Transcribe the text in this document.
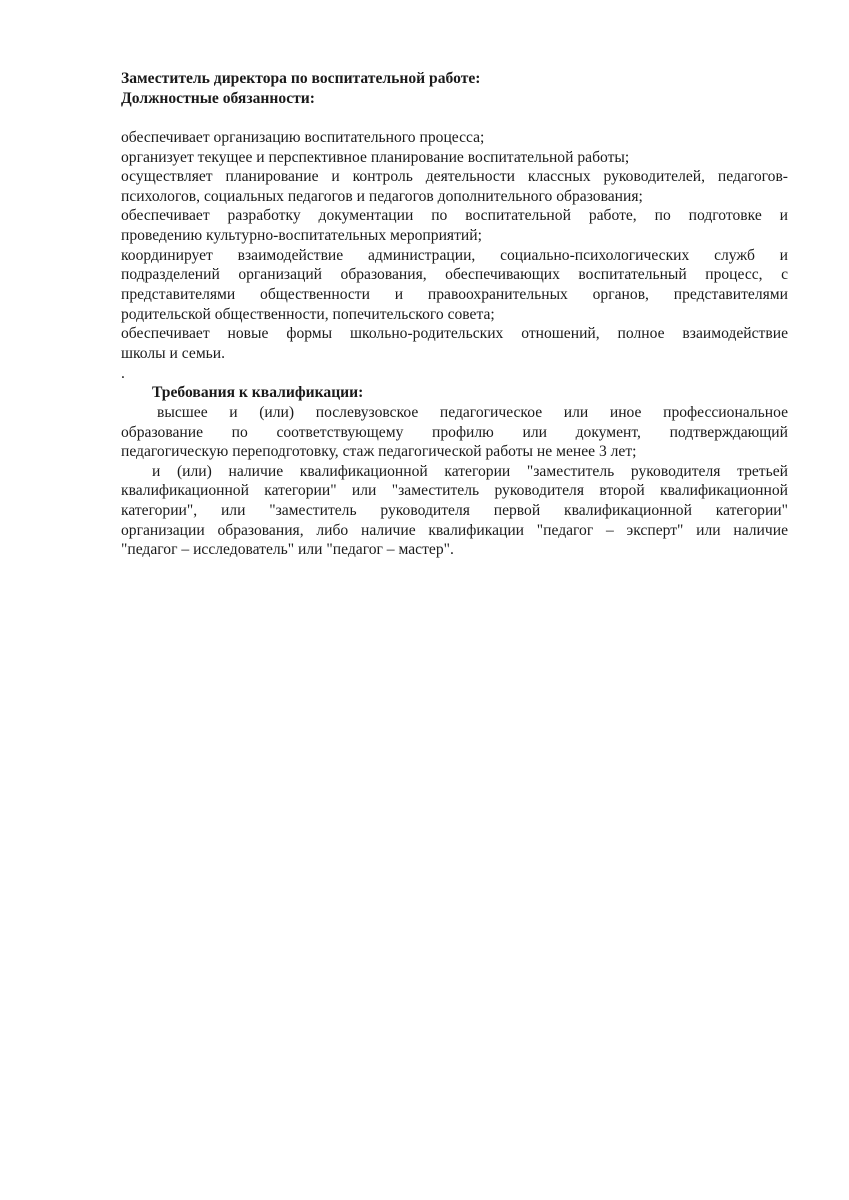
Заместитель директора по воспитательной работе:
Должностные обязанности:
обеспечивает организацию воспитательного процесса;
организует текущее и перспективное планирование воспитательной работы;
осуществляет планирование и контроль деятельности классных руководителей, педагогов-
психологов, социальных педагогов и педагогов дополнительного образования;
обеспечивает разработку документации по воспитательной работе, по подготовке и
проведению культурно-воспитательных мероприятий;
координирует взаимодействие администрации, социально-психологических служб и
подразделений организаций образования, обеспечивающих воспитательный процесс, с
представителями общественности и правоохранительных органов, представителями
родительской общественности, попечительского совета;
обеспечивает новые формы школьно-родительских отношений, полное взаимодействие
школы и семьи.
.
Требования к квалификации:
высшее и (или) послевузовское педагогическое или иное профессиональное
образование по соответствующему профилю или документ, подтверждающий
педагогическую переподготовку, стаж педагогической работы не менее 3 лет;
и (или) наличие квалификационной категории "заместитель руководителя третьей
квалификационной категории" или "заместитель руководителя второй квалификационной
категории", или "заместитель руководителя первой квалификационной категории"
организации образования, либо наличие квалификации "педагог – эксперт" или наличие
"педагог – исследователь" или "педагог – мастер".
